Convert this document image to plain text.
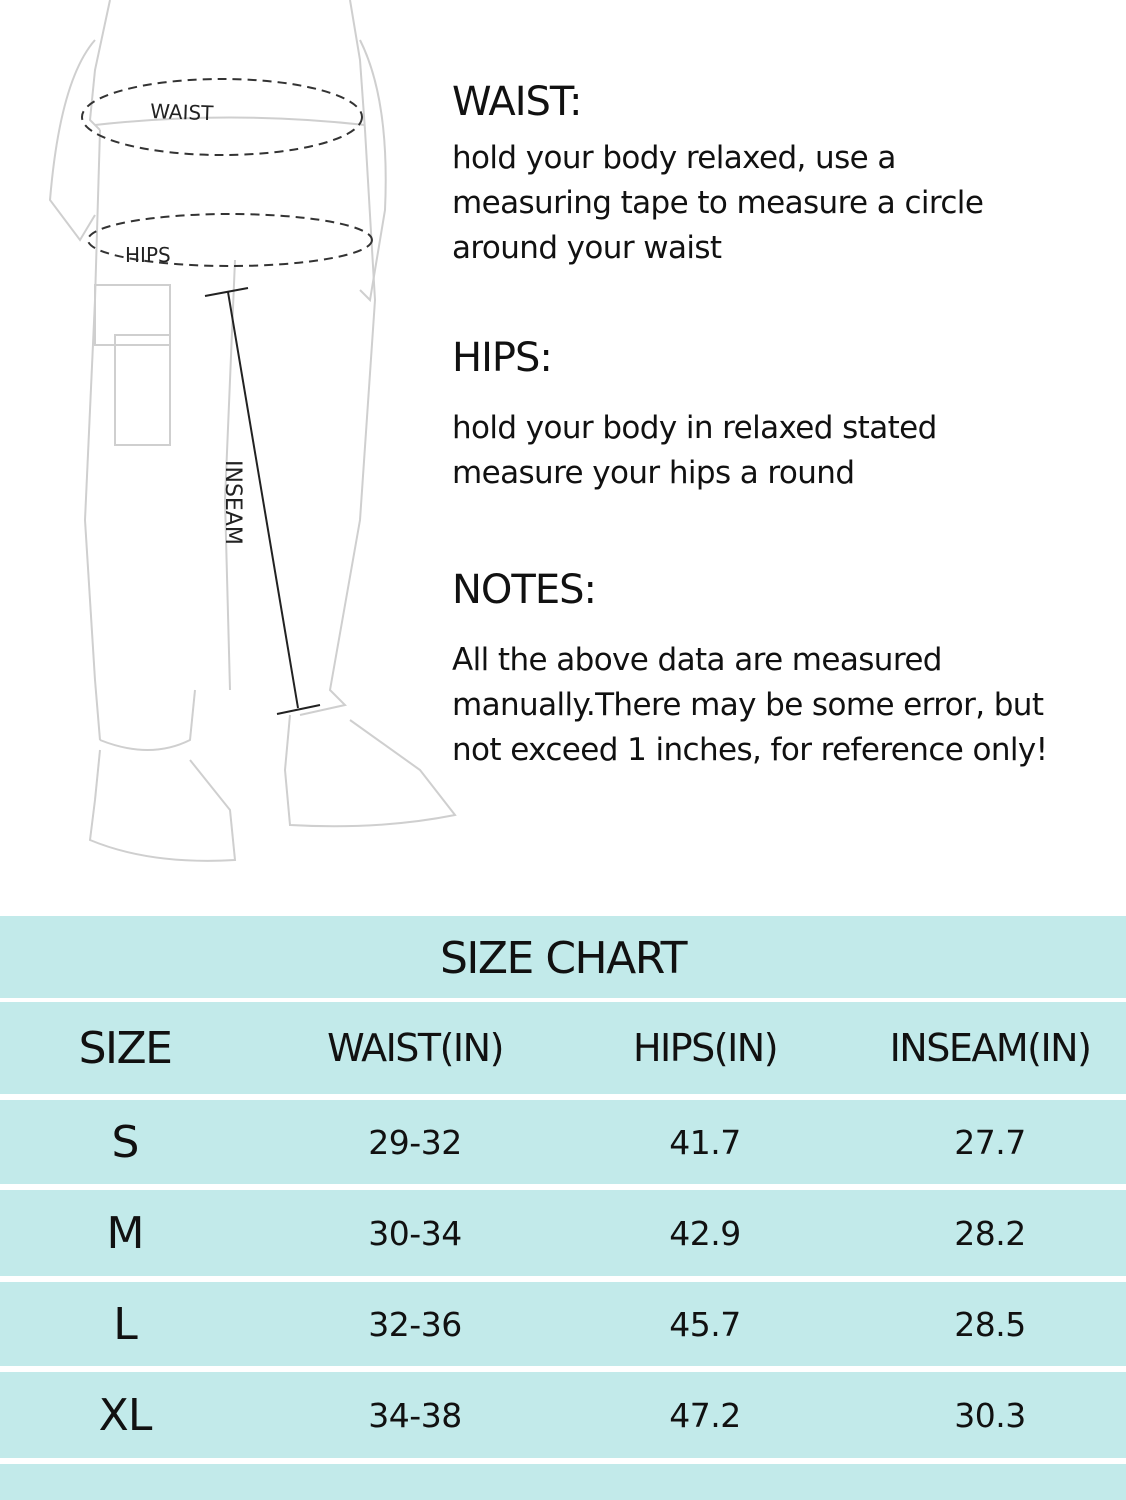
WAIST
HIPS
INSEAM
WAIST:
hold your body relaxed, use a
measuring tape to measure a circle
around your waist
HIPS:
hold your body in relaxed stated
measure your hips a round
NOTES:
All the above data are measured
manually.There may be some error, but
not exceed 1 inches, for reference only!
SIZE CHART
SIZE	WAIST(IN)	HIPS(IN)	INSEAM(IN)
S	29-32	41.7	27.7
M	30-34	42.9	28.2
L	32-36	45.7	28.5
XL	34-38	47.2	30.3
